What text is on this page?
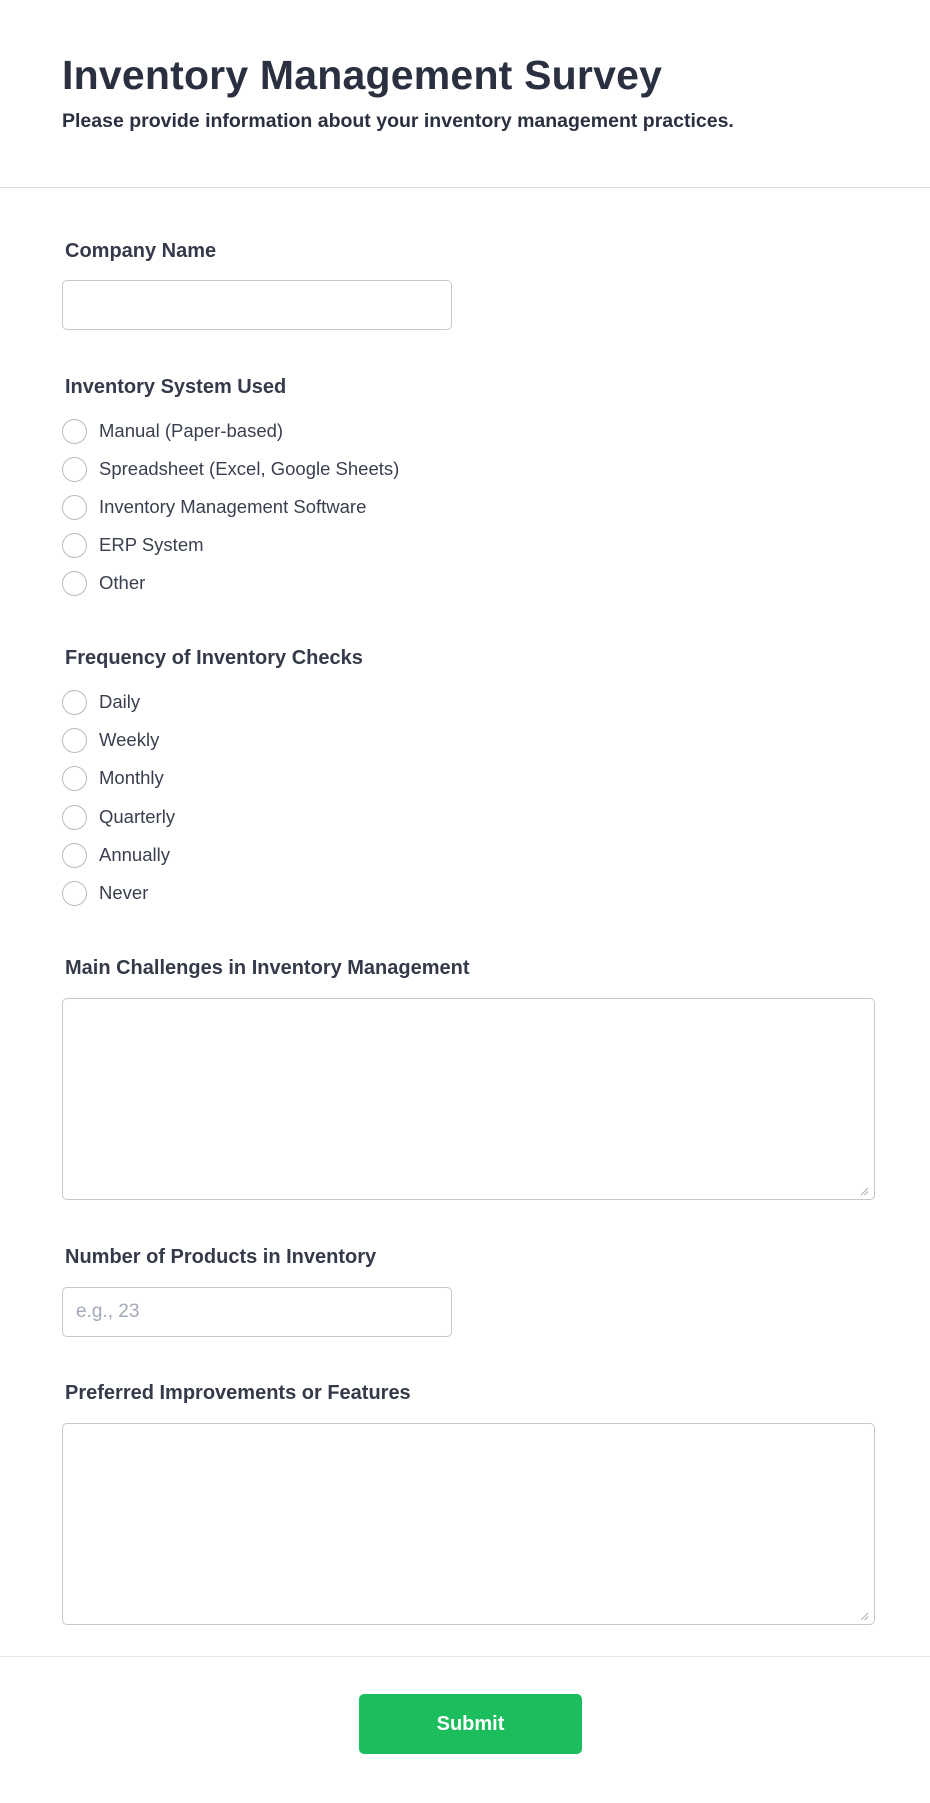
Inventory Management Survey

Please provide information about your inventory management practices.

Company Name
Inventory System Used
Manual (Paper-based)
Spreadsheet (Excel, Google Sheets)
Inventory Management Software
ERP System
Other
Frequency of Inventory Checks
Daily
Weekly
Monthly
Quarterly
Annually
Never
Main Challenges in Inventory Management
Number of Products in Inventory
e.g., 23
Preferred Improvements or Features
Submit
